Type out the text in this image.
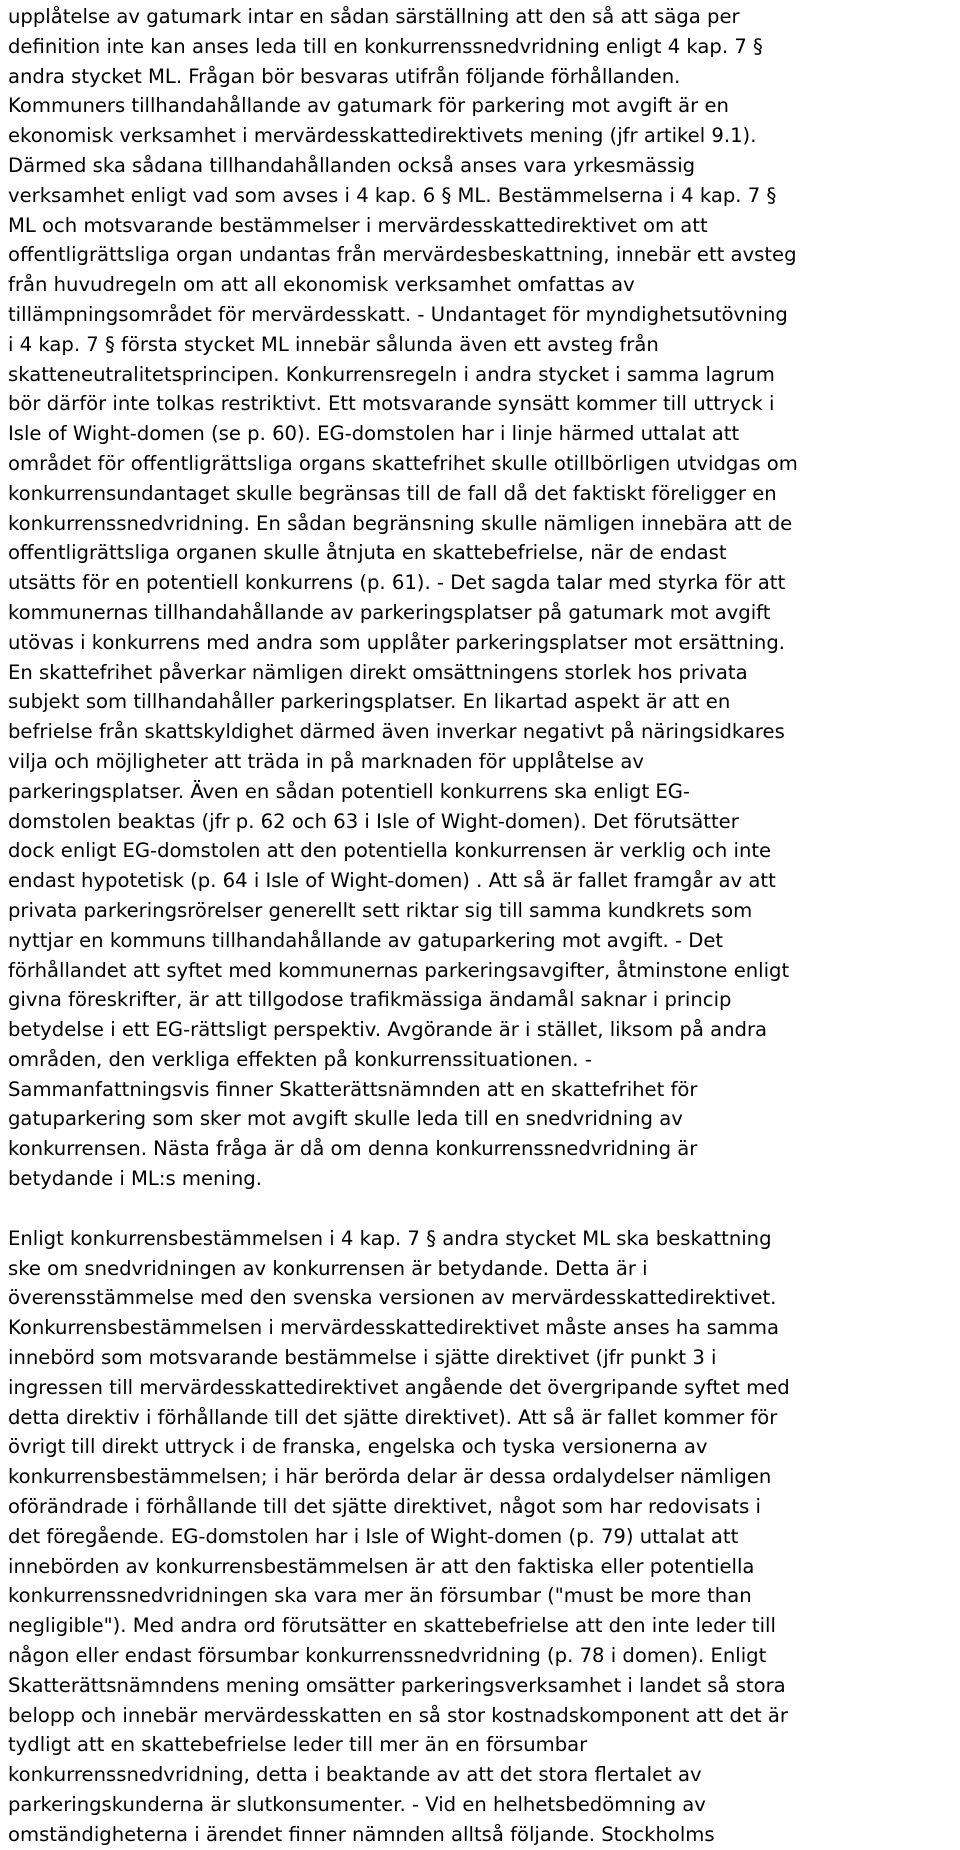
upplåtelse av gatumark intar en sådan särställning att den så att säga per
definition inte kan anses leda till en konkurrenssnedvridning enligt 4 kap. 7 §
andra stycket ML. Frågan bör besvaras utifrån följande förhållanden.
Kommuners tillhandahållande av gatumark för parkering mot avgift är en
ekonomisk verksamhet i mervärdesskattedirektivets mening (jfr artikel 9.1).
Därmed ska sådana tillhandahållanden också anses vara yrkesmässig
verksamhet enligt vad som avses i 4 kap. 6 § ML. Bestämmelserna i 4 kap. 7 §
ML och motsvarande bestämmelser i mervärdesskattedirektivet om att
offentligrättsliga organ undantas från mervärdesbeskattning, innebär ett avsteg
från huvudregeln om att all ekonomisk verksamhet omfattas av
tillämpningsområdet för mervärdesskatt. - Undantaget för myndighetsutövning
i 4 kap. 7 § första stycket ML innebär sålunda även ett avsteg från
skatteneutralitetsprincipen. Konkurrensregeln i andra stycket i samma lagrum
bör därför inte tolkas restriktivt. Ett motsvarande synsätt kommer till uttryck i
Isle of Wight-domen (se p. 60). EG-domstolen har i linje härmed uttalat att
området för offentligrättsliga organs skattefrihet skulle otillbörligen utvidgas om
konkurrensundantaget skulle begränsas till de fall då det faktiskt föreligger en
konkurrenssnedvridning. En sådan begränsning skulle nämligen innebära att de
offentligrättsliga organen skulle åtnjuta en skattebefrielse, när de endast
utsätts för en potentiell konkurrens (p. 61). - Det sagda talar med styrka för att
kommunernas tillhandahållande av parkeringsplatser på gatumark mot avgift
utövas i konkurrens med andra som upplåter parkeringsplatser mot ersättning.
En skattefrihet påverkar nämligen direkt omsättningens storlek hos privata
subjekt som tillhandahåller parkeringsplatser. En likartad aspekt är att en
befrielse från skattskyldighet därmed även inverkar negativt på näringsidkares
vilja och möjligheter att träda in på marknaden för upplåtelse av
parkeringsplatser. Även en sådan potentiell konkurrens ska enligt EG-
domstolen beaktas (jfr p. 62 och 63 i Isle of Wight-domen). Det förutsätter
dock enligt EG-domstolen att den potentiella konkurrensen är verklig och inte
endast hypotetisk (p. 64 i Isle of Wight-domen) . Att så är fallet framgår av att
privata parkeringsrörelser generellt sett riktar sig till samma kundkrets som
nyttjar en kommuns tillhandahållande av gatuparkering mot avgift. - Det
förhållandet att syftet med kommunernas parkeringsavgifter, åtminstone enligt
givna föreskrifter, är att tillgodose trafikmässiga ändamål saknar i princip
betydelse i ett EG-rättsligt perspektiv. Avgörande är i stället, liksom på andra
områden, den verkliga effekten på konkurrenssituationen. -
Sammanfattningsvis finner Skatterättsnämnden att en skattefrihet för
gatuparkering som sker mot avgift skulle leda till en snedvridning av
konkurrensen. Nästa fråga är då om denna konkurrenssnedvridning är
betydande i ML:s mening.

Enligt konkurrensbestämmelsen i 4 kap. 7 § andra stycket ML ska beskattning
ske om snedvridningen av konkurrensen är betydande. Detta är i
överensstämmelse med den svenska versionen av mervärdesskattedirektivet.
Konkurrensbestämmelsen i mervärdesskattedirektivet måste anses ha samma
innebörd som motsvarande bestämmelse i sjätte direktivet (jfr punkt 3 i
ingressen till mervärdesskattedirektivet angående det övergripande syftet med
detta direktiv i förhållande till det sjätte direktivet). Att så är fallet kommer för
övrigt till direkt uttryck i de franska, engelska och tyska versionerna av
konkurrensbestämmelsen; i här berörda delar är dessa ordalydelser nämligen
oförändrade i förhållande till det sjätte direktivet, något som har redovisats i
det föregående. EG-domstolen har i Isle of Wight-domen (p. 79) uttalat att
innebörden av konkurrensbestämmelsen är att den faktiska eller potentiella
konkurrenssnedvridningen ska vara mer än försumbar ("must be more than
negligible"). Med andra ord förutsätter en skattebefrielse att den inte leder till
någon eller endast försumbar konkurrenssnedvridning (p. 78 i domen). Enligt
Skatterättsnämndens mening omsätter parkeringsverksamhet i landet så stora
belopp och innebär mervärdesskatten en så stor kostnadskomponent att det är
tydligt att en skattebefrielse leder till mer än en försumbar
konkurrenssnedvridning, detta i beaktande av att det stora flertalet av
parkeringskunderna är slutkonsumenter. - Vid en helhetsbedömning av
omständigheterna i ärendet finner nämnden alltså följande. Stockholms
